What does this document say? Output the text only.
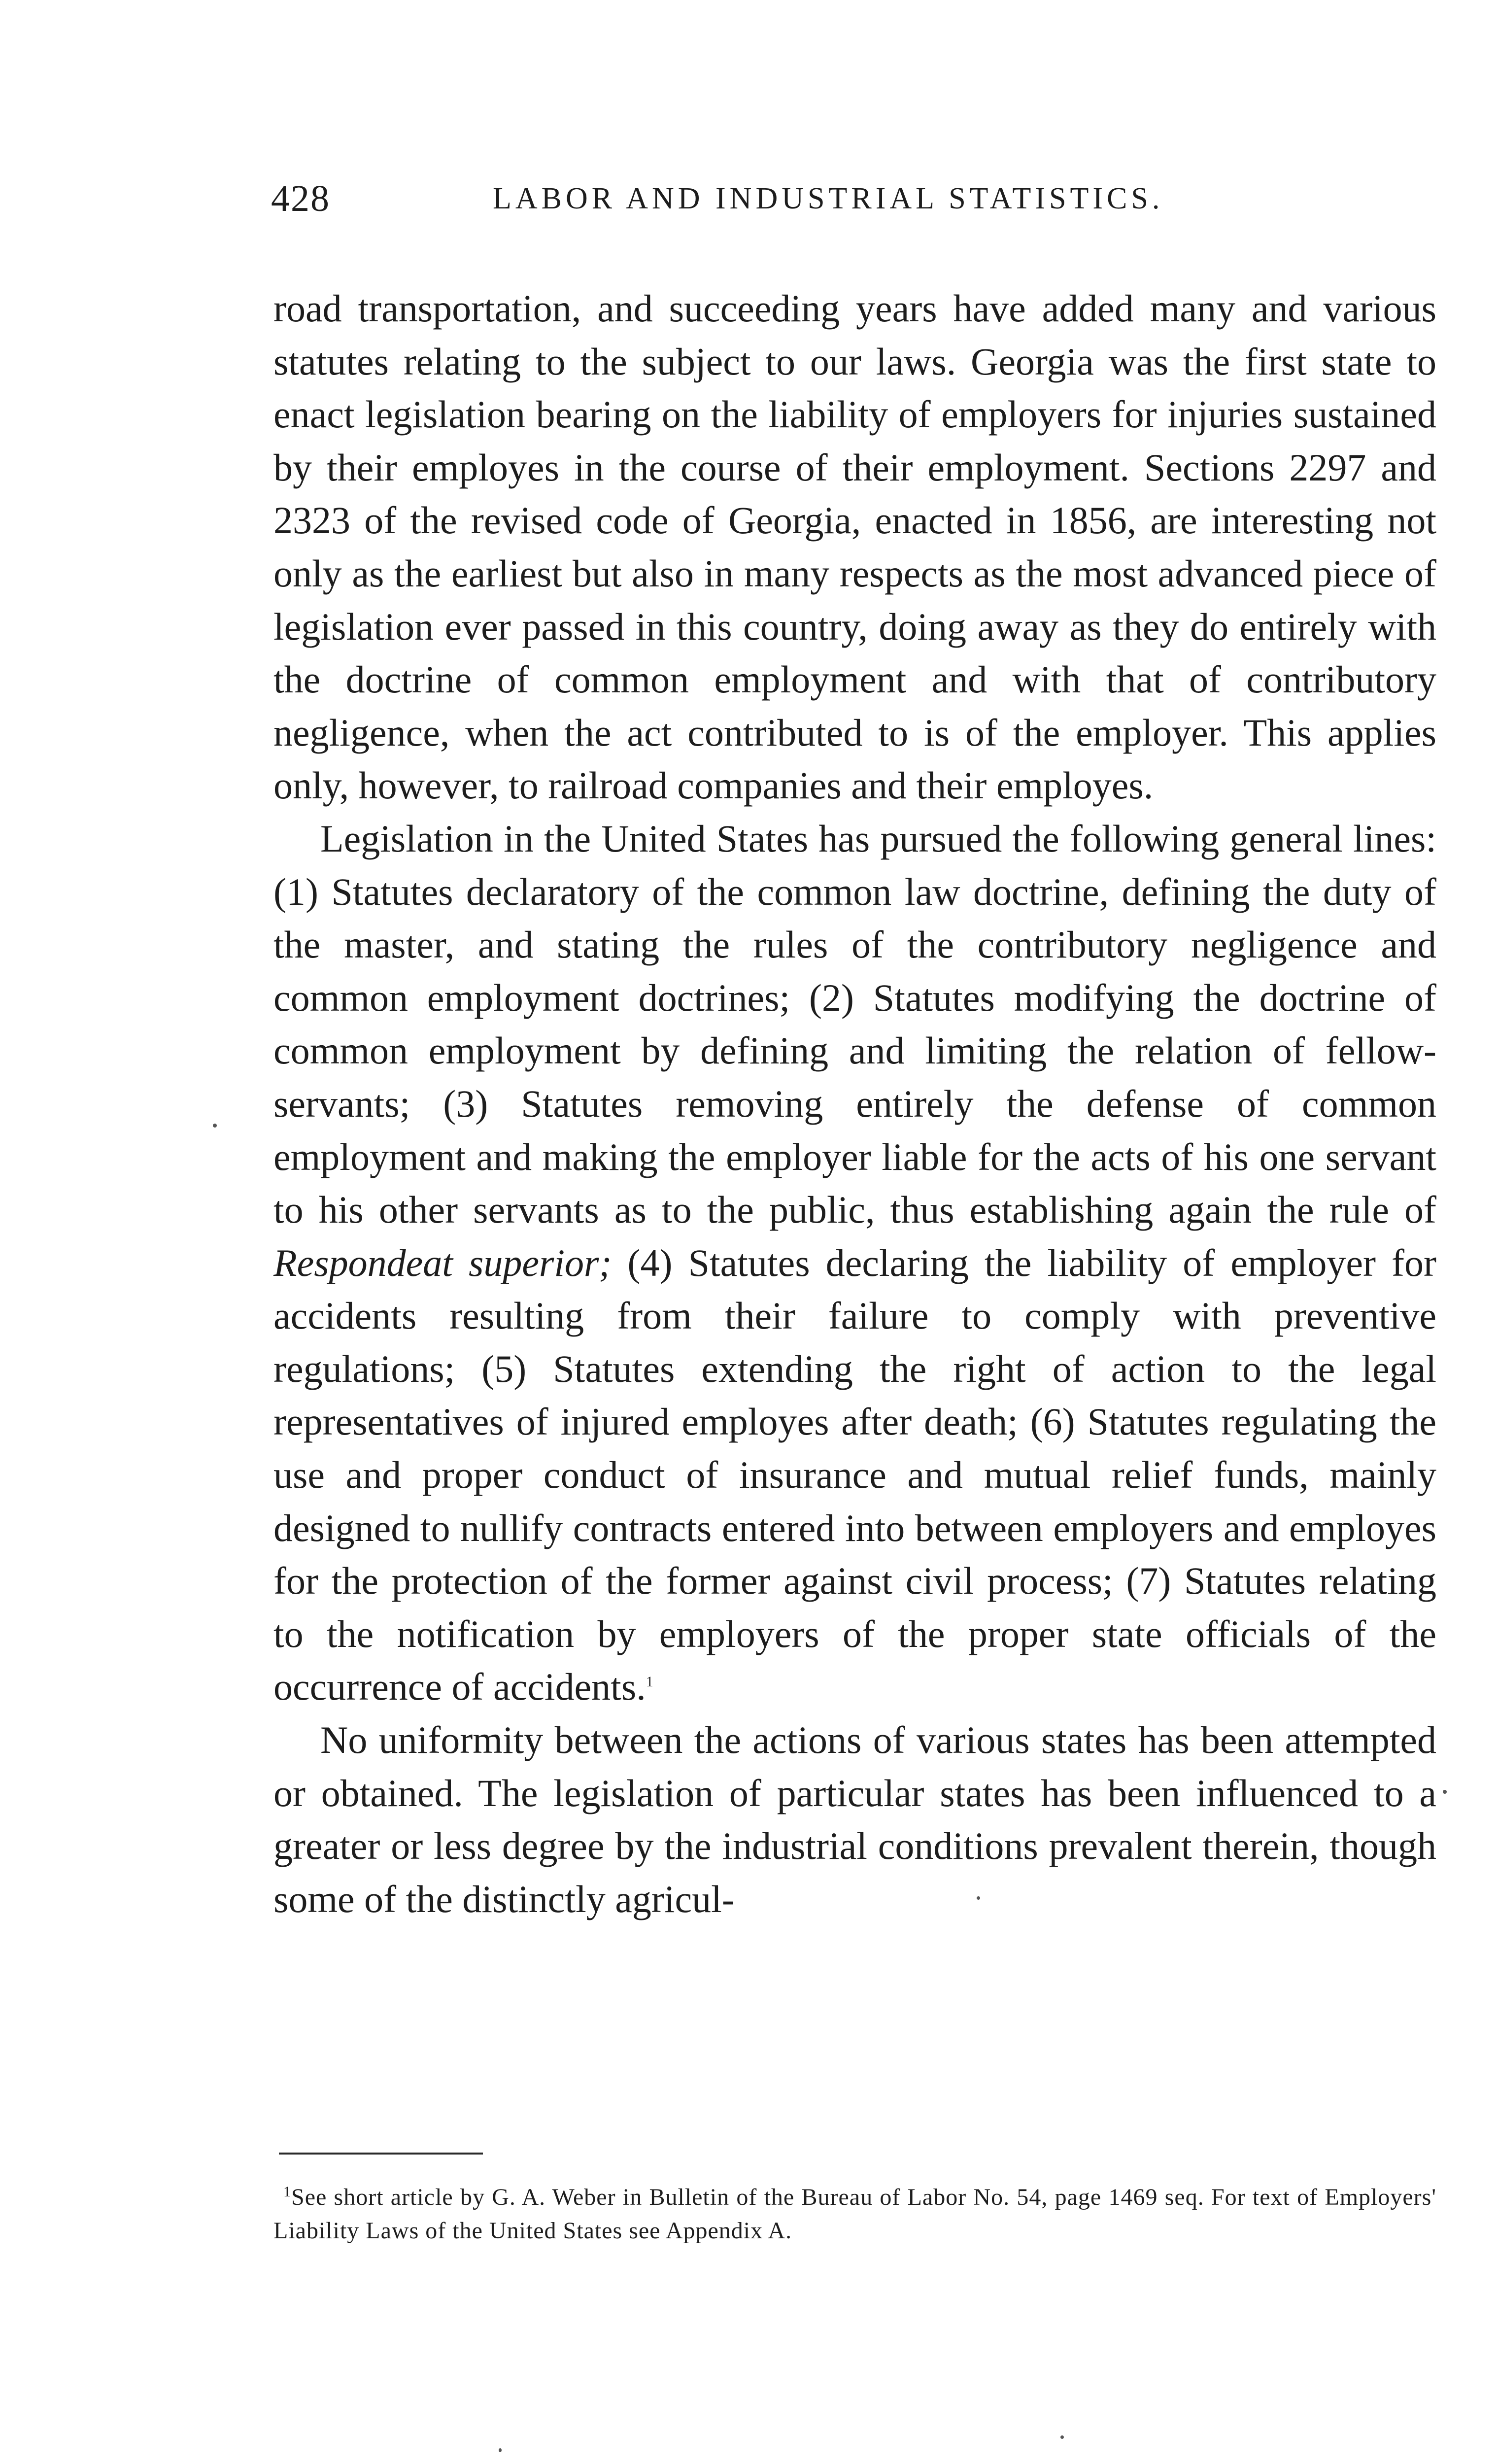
428	LABOR AND INDUSTRIAL STATISTICS.

road transportation, and succeeding years have added many and various statutes relating to the subject to our laws. Georgia was the first state to enact legislation bearing on the liability of employers for injuries sustained by their employes in the course of their employment. Sections 2297 and 2323 of the revised code of Georgia, enacted in 1856, are interesting not only as the earliest but also in many respects as the most advanced piece of legislation ever passed in this country, doing away as they do entirely with the doctrine of common employment and with that of contributory negligence, when the act contributed to is of the employer. This applies only, however, to railroad companies and their employes.

Legislation in the United States has pursued the following general lines: (1) Statutes declaratory of the common law doctrine, defining the duty of the master, and stating the rules of the contributory negligence and common employment doctrines; (2) Statutes modifying the doctrine of common employment by defining and limiting the relation of fellow-servants; (3) Statutes removing entirely the defense of common employment and making the employer liable for the acts of his one servant to his other servants as to the public, thus establishing again the rule of Respondeat superior; (4) Statutes declaring the liability of employer for accidents resulting from their failure to comply with preventive regulations; (5) Statutes extending the right of action to the legal representatives of injured employes after death; (6) Statutes regulating the use and proper conduct of insurance and mutual relief funds, mainly designed to nullify contracts entered into between employers and employes for the protection of the former against civil process; (7) Statutes relating to the notification by employers of the proper state officials of the occurrence of accidents.$^1$

No uniformity between the actions of various states has been attempted or obtained. The legislation of particular states has been influenced to a greater or less degree by the industrial conditions prevalent therein, though some of the distinctly agricul-

$^1$See short article by G. A. Weber in Bulletin of the Bureau of Labor No. 54, page 1469 seq. For text of Employers' Liability Laws of the United States see Appendix A.
